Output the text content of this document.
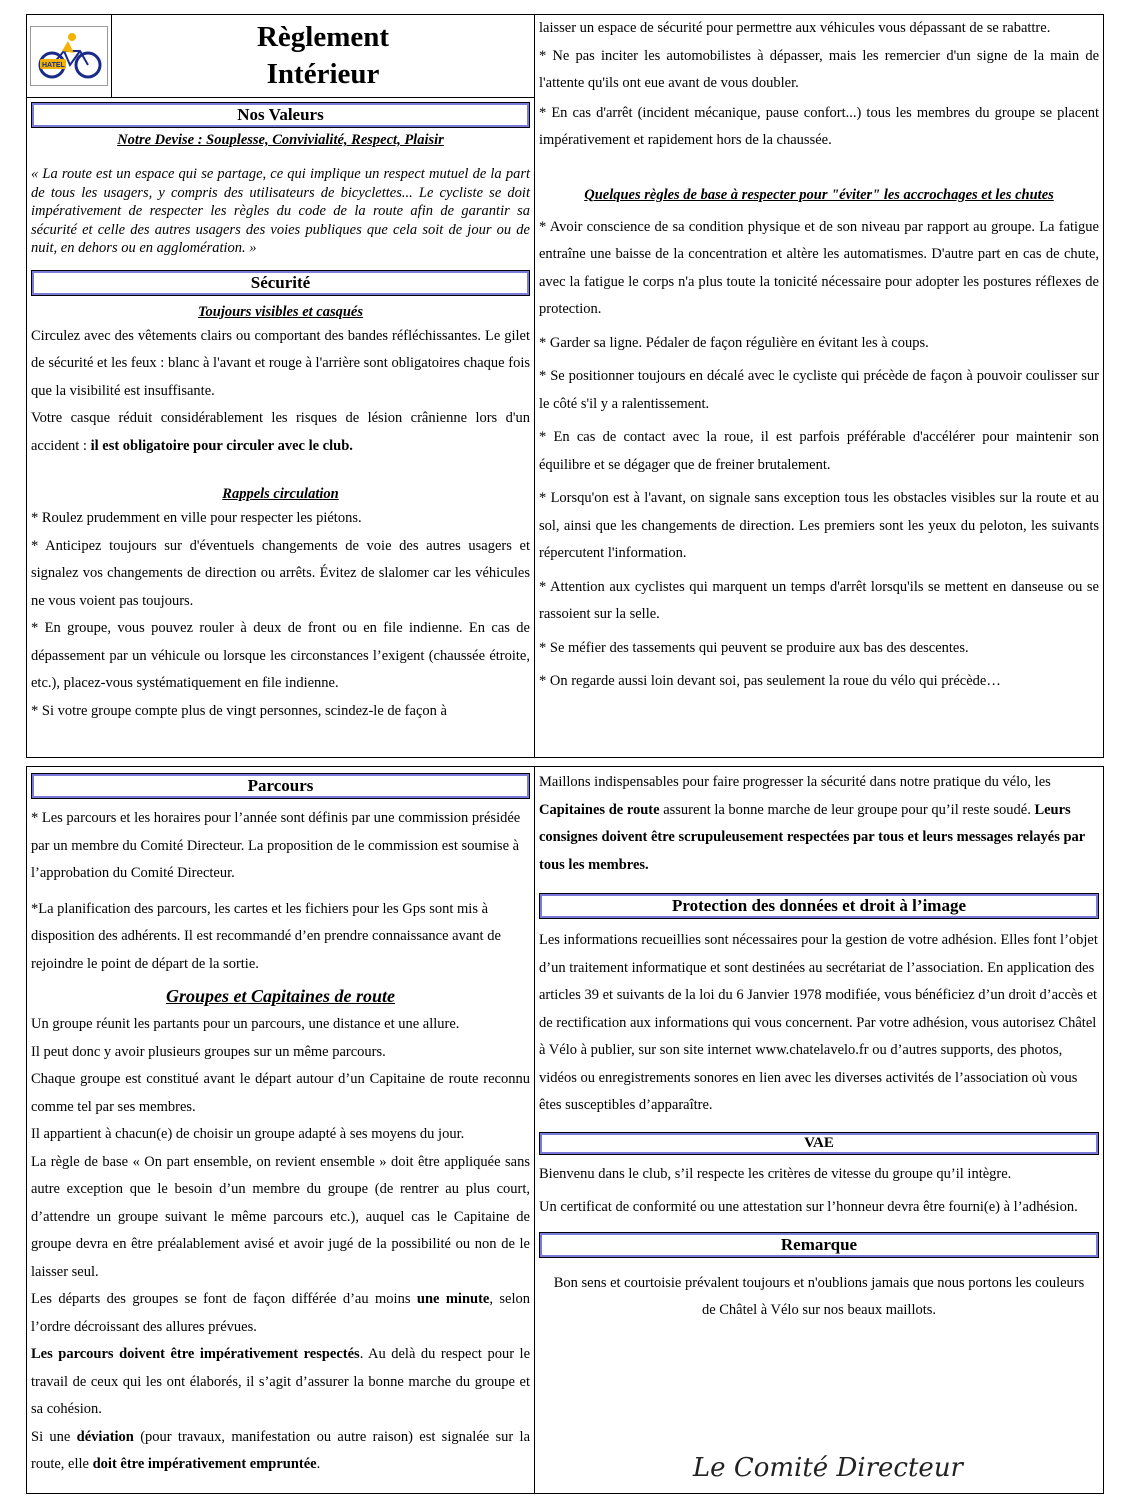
HATEL
Règlement
Intérieur
Nos Valeurs
Notre Devise : Souplesse, Convivialité, Respect, Plaisir
« La route est un espace qui se partage, ce qui implique un respect mutuel de la part de tous les usagers, y compris des utilisateurs de bicyclettes... Le cycliste se doit impérativement de respecter les règles du code de la route afin de garantir sa sécurité et celle des autres usagers des voies publiques que cela soit de jour ou de nuit, en dehors ou en agglomération. »
Sécurité
Toujours visibles et casqués

Circulez avec des vêtements clairs ou comportant des bandes réfléchissantes. Le gilet de sécurité et les feux : blanc à l'avant et rouge à l'arrière sont obligatoires chaque fois que la visibilité est insuffisante.

Votre casque réduit considérablement les risques de lésion crânienne lors d'un accident : il est obligatoire pour circuler avec le club.

Rappels circulation

* Roulez prudemment en ville pour respecter les piétons.

* Anticipez toujours sur d'éventuels changements de voie des autres usagers et signalez vos changements de direction ou arrêts. Évitez de slalomer car les véhicules ne vous voient pas toujours.

* En groupe, vous pouvez rouler à deux de front ou en file indienne. En cas de dépassement par un véhicule ou lorsque les circonstances l’exigent (chaussée étroite, etc.), placez-vous systématiquement en file indienne.

* Si votre groupe compte plus de vingt personnes, scindez-le de façon à

laisser un espace de sécurité pour permettre aux véhicules vous dépassant de se rabattre.

* Ne pas inciter les automobilistes à dépasser, mais les remercier d'un signe de la main de l'attente qu'ils ont eue avant de vous doubler.

* En cas d'arrêt (incident mécanique, pause confort...) tous les membres du groupe se placent impérativement et rapidement hors de la chaussée.

Quelques règles de base à respecter pour "éviter" les accrochages et les chutes

* Avoir conscience de sa condition physique et de son niveau par rapport au groupe. La fatigue entraîne une baisse de la concentration et altère les automatismes. D'autre part en cas de chute, avec la fatigue le corps n'a plus toute la tonicité nécessaire pour adopter les postures réflexes de protection.

* Garder sa ligne. Pédaler de façon régulière en évitant les à coups.

* Se positionner toujours en décalé avec le cycliste qui précède de façon à pouvoir coulisser sur le côté s'il y a ralentissement.

* En cas de contact avec la roue, il est parfois préférable d'accélérer pour maintenir son équilibre et se dégager que de freiner brutalement.

* Lorsqu'on est à l'avant, on signale sans exception tous les obstacles visibles sur la route et au sol, ainsi que les changements de direction. Les premiers sont les yeux du peloton, les suivants répercutent l'information.

* Attention aux cyclistes qui marquent un temps d'arrêt lorsqu'ils se mettent en danseuse ou se rassoient sur la selle.

* Se méfier des tassements qui peuvent se produire aux bas des descentes.

* On regarde aussi loin devant soi, pas seulement la roue du vélo qui précède…

Parcours

* Les parcours et les horaires pour l’année sont définis par une commission présidée par un membre du Comité Directeur. La proposition de le commission est soumise à l’approbation du Comité Directeur.

*La planification des parcours, les cartes et les fichiers pour les Gps sont mis à disposition des adhérents. Il est recommandé d’en prendre connaissance avant de rejoindre le point de départ de la sortie.

Groupes et Capitaines de route

Un groupe réunit les partants pour un parcours, une distance et une allure.

Il peut donc y avoir plusieurs groupes sur un même parcours.

Chaque groupe est constitué avant le départ autour d’un Capitaine de route reconnu comme tel par ses membres.

Il appartient à chacun(e) de choisir un groupe adapté à ses moyens du jour.

La règle de base « On part ensemble, on revient ensemble » doit être appliquée sans autre exception que le besoin d’un membre du groupe (de rentrer au plus court, d’attendre un groupe suivant le même parcours etc.), auquel cas le Capitaine de groupe devra en être préalablement avisé et avoir jugé de la possibilité ou non de le laisser seul.

Les départs des groupes se font de façon différée d’au moins une minute, selon l’ordre décroissant des allures prévues.

Les parcours doivent être impérativement respectés. Au delà du respect pour le travail de ceux qui les ont élaborés, il s’agit d’assurer la bonne marche du groupe et sa cohésion.

Si une déviation (pour travaux, manifestation ou autre raison) est signalée sur la route, elle doit être impérativement empruntée.

Maillons indispensables pour faire progresser la sécurité dans notre pratique du vélo, les Capitaines de route assurent la bonne marche de leur groupe pour qu’il reste soudé. Leurs consignes doivent être scrupuleusement respectées par tous et leurs messages relayés par tous les membres.

Protection des données et droit à l’image

Les informations recueillies sont nécessaires pour la gestion de votre adhésion. Elles font l’objet d’un traitement informatique et sont destinées au secrétariat de l’association. En application des articles 39 et suivants de la loi du 6 Janvier 1978 modifiée, vous bénéficiez d’un droit d’accès et de rectification aux informations qui vous concernent. Par votre adhésion, vous autorisez Châtel à Vélo à publier, sur son site internet www.chatelavelo.fr ou d’autres supports, des photos, vidéos ou enregistrements sonores en lien avec les diverses activités de l’association où vous êtes susceptibles d’apparaître.

VAE

Bienvenu dans le club, s’il respecte les critères de vitesse du groupe qu’il intègre.

Un certificat de conformité ou une attestation sur l’honneur devra être fourni(e) à l’adhésion.

Remarque

Bon sens et courtoisie prévalent toujours et n'oublions jamais que nous portons les couleurs de Châtel à Vélo sur nos beaux maillots.

Le Comité Directeur
